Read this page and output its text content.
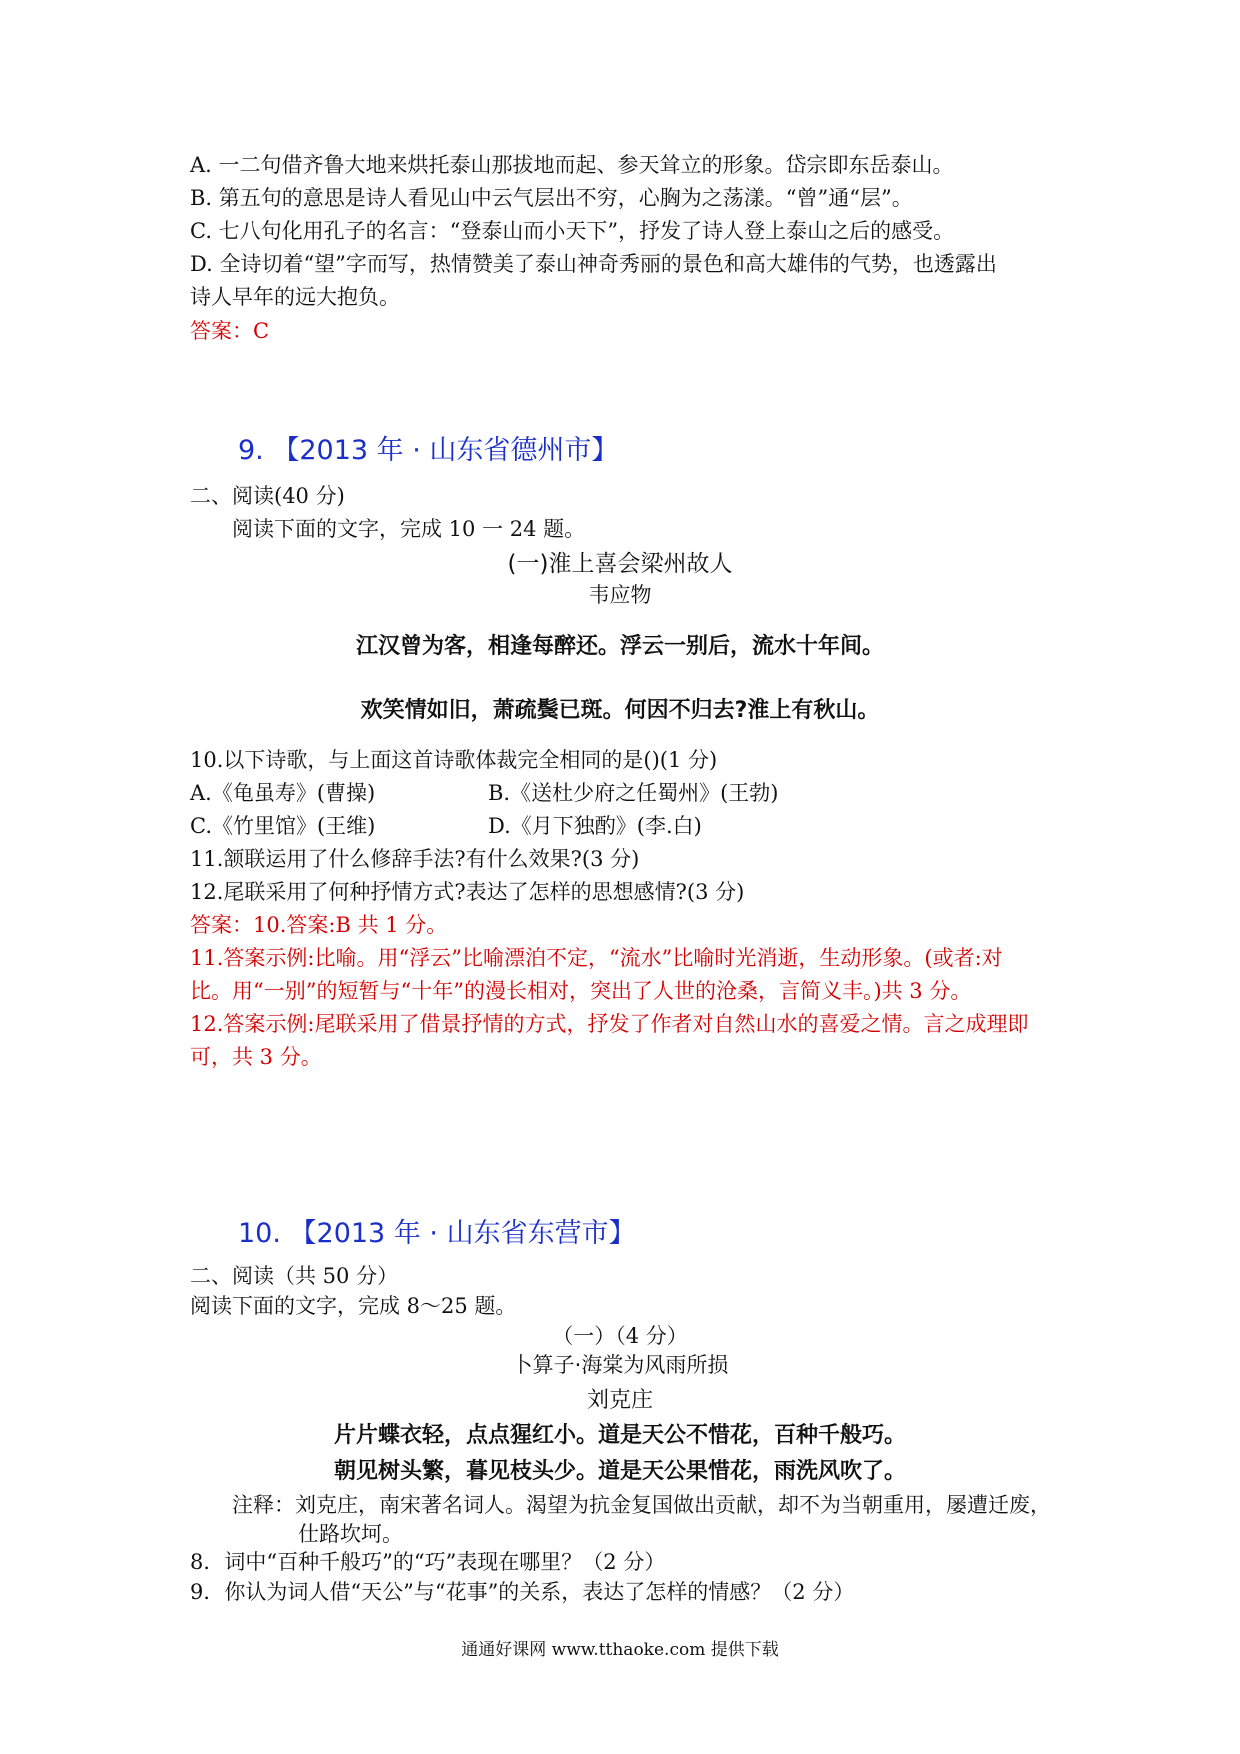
A. 一二句借齐鲁大地来烘托泰山那拔地而起、参天耸立的形象。岱宗即东岳泰山。
B. 第五句的意思是诗人看见山中云气层出不穷，心胸为之荡漾。“曾”通“层”。
C. 七八句化用孔子的名言：“登泰山而小天下”，抒发了诗人登上泰山之后的感受。
D. 全诗切着“望”字而写，热情赞美了泰山神奇秀丽的景色和高大雄伟的气势，也透露出
诗人早年的远大抱负。
答案：C
9. 【2013 年 · 山东省德州市】
二、阅读(40 分)
阅读下面的文字，完成 10 一 24 题。
(一)淮上喜会梁州故人
韦应物
江汉曾为客，相逢每醉还。浮云一别后，流水十年间。
欢笑情如旧，萧疏鬓已斑。何因不归去?淮上有秋山。
10.以下诗歌，与上面这首诗歌体裁完全相同的是()(1 分)
A.《龟虽寿》(曹操)	B.《送杜少府之任蜀州》(王勃)
C.《竹里馆》(王维)	D.《月下独酌》(李.白)
11.颔联运用了什么修辞手法?有什么效果?(3 分)
12.尾联采用了何种抒情方式?表达了怎样的思想感情?(3 分)
答案：10.答案:B 共 1 分。
11.答案示例:比喻。用“浮云”比喻漂泊不定，“流水”比喻时光消逝，生动形象。(或者:对
比。用“一别”的短暂与“十年”的漫长相对，突出了人世的沧桑，言简义丰。)共 3 分。
12.答案示例:尾联采用了借景抒情的方式，抒发了作者对自然山水的喜爱之情。言之成理即
可，共 3 分。
10. 【2013 年 · 山东省东营市】
二、阅读（共 50 分）
阅读下面的文字，完成 8～25 题。
（一）（4 分）
卜算子·海棠为风雨所损
刘克庄
片片蝶衣轻，点点猩红小。道是天公不惜花，百种千般巧。
朝见树头繁，暮见枝头少。道是天公果惜花，雨洗风吹了。
注释：刘克庄，南宋著名词人。渴望为抗金复国做出贡献，却不为当朝重用，屡遭迁废，
仕路坎坷。
8．词中“百种千般巧”的“巧”表现在哪里？（2 分）
9．你认为词人借“天公”与“花事”的关系，表达了怎样的情感？（2 分）
通通好课网 www.tthaoke.com 提供下载
